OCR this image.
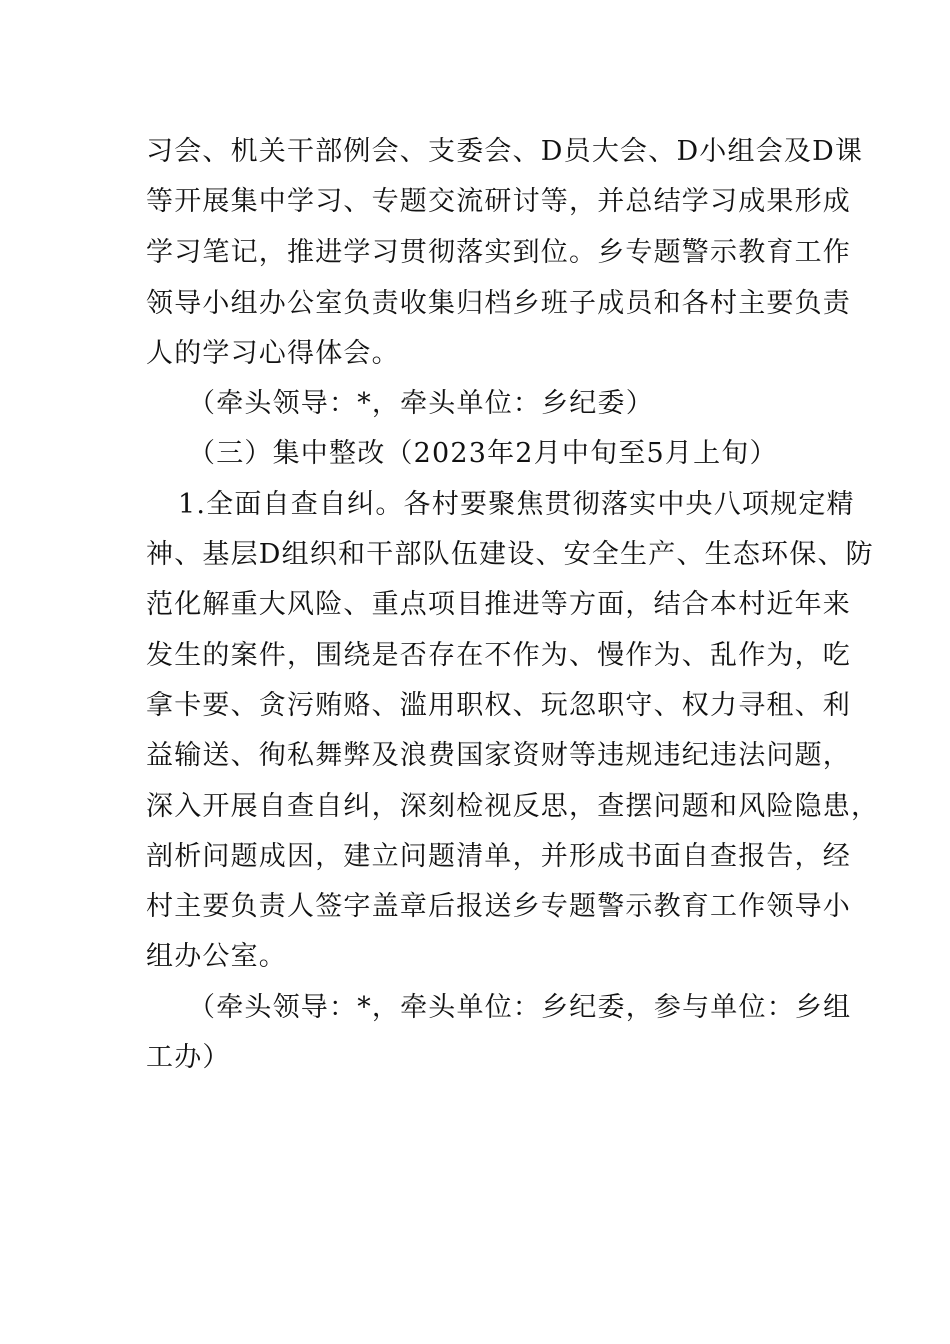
习会、机关干部例会、支委会、D员大会、D小组会及D课
等开展集中学习、专题交流研讨等，并总结学习成果形成
学习笔记，推进学习贯彻落实到位。乡专题警示教育工作
领导小组办公室负责收集归档乡班子成员和各村主要负责
人的学习心得体会。
（牵头领导：*，牵头单位：乡纪委）
（三）集中整改（2023年2月中旬至5月上旬）
1.全面自查自纠。各村要聚焦贯彻落实中央八项规定精
神、基层D组织和干部队伍建设、安全生产、生态环保、防
范化解重大风险、重点项目推进等方面，结合本村近年来
发生的案件，围绕是否存在不作为、慢作为、乱作为，吃
拿卡要、贪污贿赂、滥用职权、玩忽职守、权力寻租、利
益输送、徇私舞弊及浪费国家资财等违规违纪违法问题，
深入开展自查自纠，深刻检视反思，查摆问题和风险隐患，
剖析问题成因，建立问题清单，并形成书面自查报告，经
村主要负责人签字盖章后报送乡专题警示教育工作领导小
组办公室。
（牵头领导：*，牵头单位：乡纪委，参与单位：乡组
工办）
